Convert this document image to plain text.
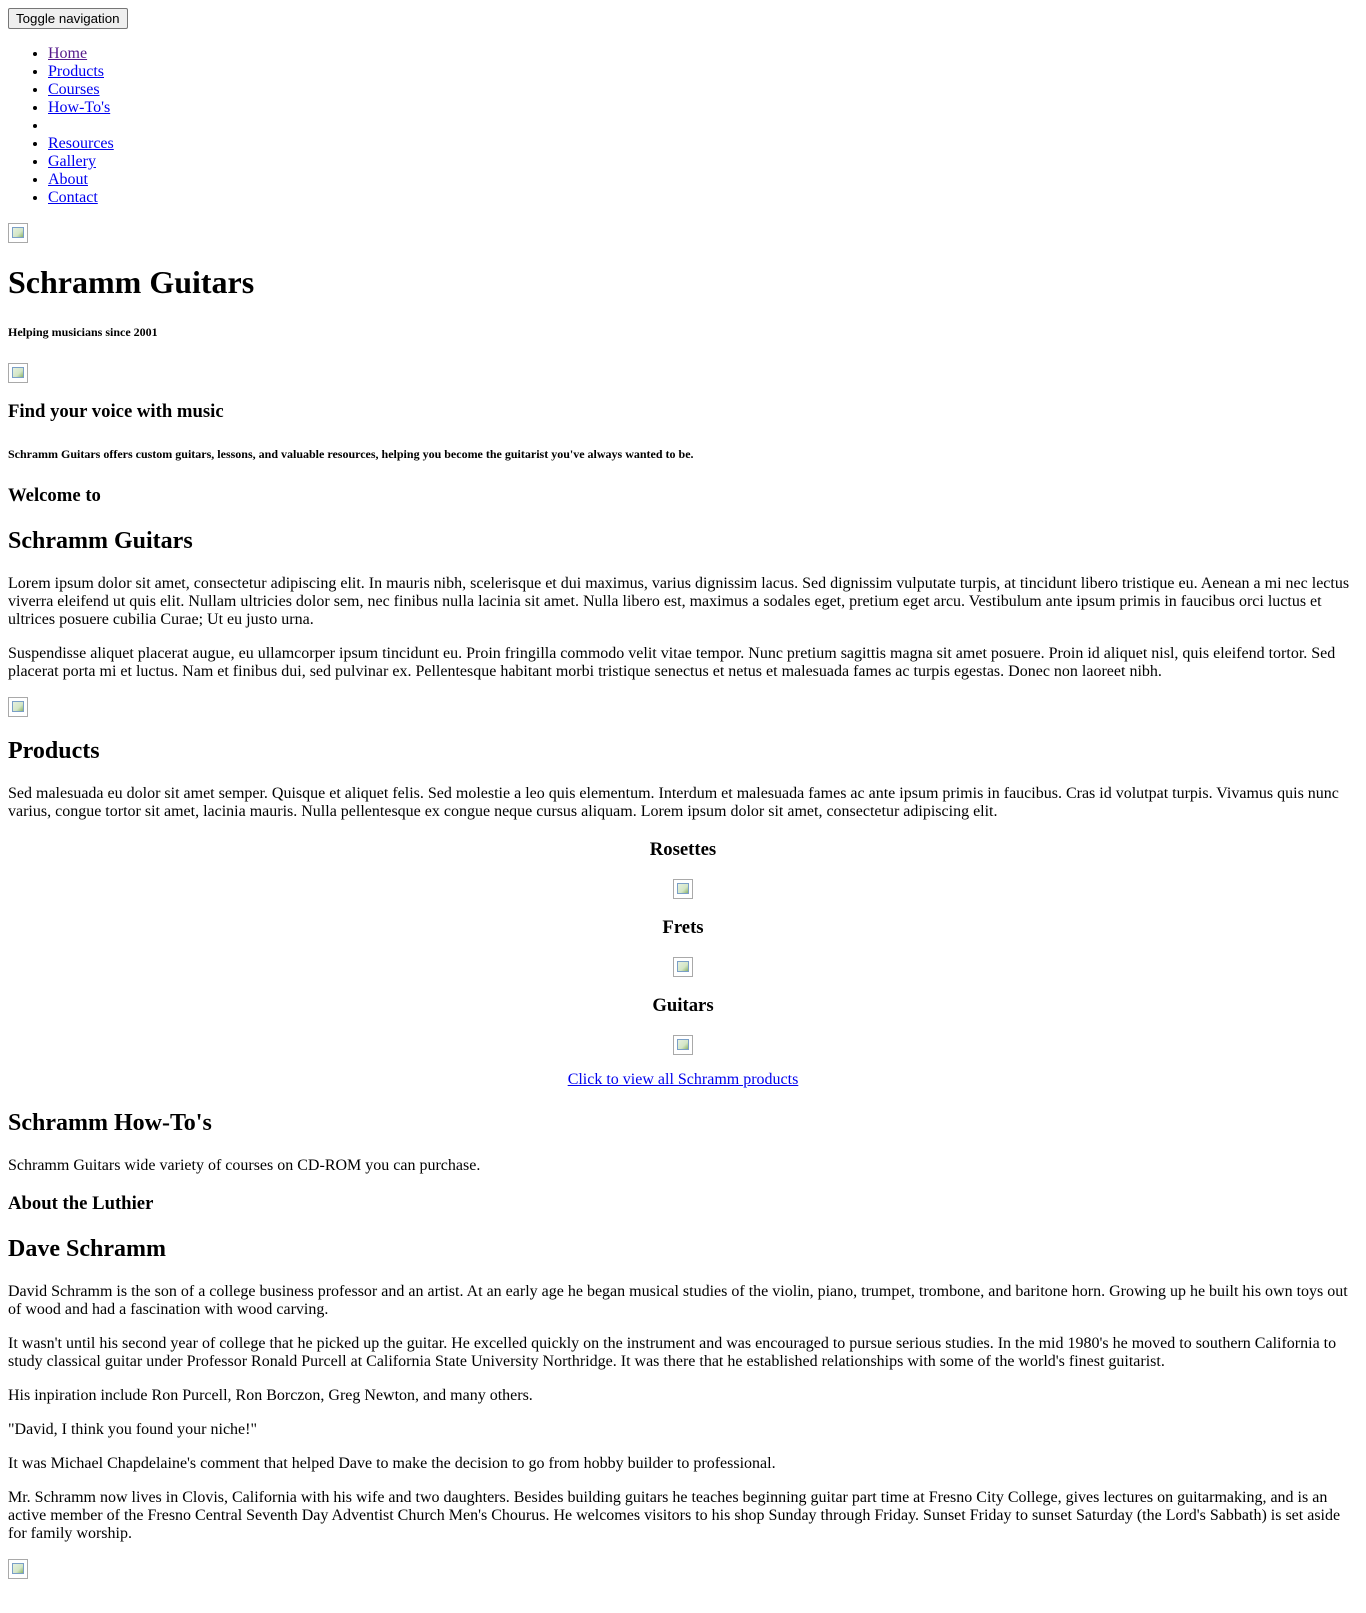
Toggle navigation
• Home
• Products
• Courses
• How-To's
•
• Resources
• Gallery
• About
• Contact
Schramm Guitars
Helping musicians since 2001
Find your voice with music
Schramm Guitars offers custom guitars, lessons, and valuable resources, helping you become the guitarist you've always wanted to be.
Welcome to
Schramm Guitars

Lorem ipsum dolor sit amet, consectetur adipiscing elit. In mauris nibh, scelerisque et dui maximus, varius dignissim lacus. Sed dignissim vulputate turpis, at tincidunt libero tristique eu. Aenean a mi nec lectus viverra eleifend ut quis elit. Nullam ultricies dolor sem, nec finibus nulla lacinia sit amet. Nulla libero est, maximus a sodales eget, pretium eget arcu. Vestibulum ante ipsum primis in faucibus orci luctus et ultrices posuere cubilia Curae; Ut eu justo urna.

Suspendisse aliquet placerat augue, eu ullamcorper ipsum tincidunt eu. Proin fringilla commodo velit vitae tempor. Nunc pretium sagittis magna sit amet posuere. Proin id aliquet nisl, quis eleifend tortor. Sed placerat porta mi et luctus. Nam et finibus dui, sed pulvinar ex. Pellentesque habitant morbi tristique senectus et netus et malesuada fames ac turpis egestas. Donec non laoreet nibh.

Products

Sed malesuada eu dolor sit amet semper. Quisque et aliquet felis. Sed molestie a leo quis elementum. Interdum et malesuada fames ac ante ipsum primis in faucibus. Cras id volutpat turpis. Vivamus quis nunc varius, congue tortor sit amet, lacinia mauris. Nulla pellentesque ex congue neque cursus aliquam. Lorem ipsum dolor sit amet, consectetur adipiscing elit.

Rosettes
Frets
Guitars

Click to view all Schramm products

Schramm How-To's

Schramm Guitars wide variety of courses on CD-ROM you can purchase.

About the Luthier
Dave Schramm

David Schramm is the son of a college business professor and an artist. At an early age he began musical studies of the violin, piano, trumpet, trombone, and baritone horn. Growing up he built his own toys out of wood and had a fascination with wood carving.

It wasn't until his second year of college that he picked up the guitar. He excelled quickly on the instrument and was encouraged to pursue serious studies. In the mid 1980's he moved to southern California to study classical guitar under Professor Ronald Purcell at California State University Northridge. It was there that he established relationships with some of the world's finest guitarist.

His inpiration include Ron Purcell, Ron Borczon, Greg Newton, and many others.

"David, I think you found your niche!"

It was Michael Chapdelaine's comment that helped Dave to make the decision to go from hobby builder to professional.

Mr. Schramm now lives in Clovis, California with his wife and two daughters. Besides building guitars he teaches beginning guitar part time at Fresno City College, gives lectures on guitarmaking, and is an active member of the Fresno Central Seventh Day Adventist Church Men's Chourus. He welcomes visitors to his shop Sunday through Friday. Sunset Friday to sunset Saturday (the Lord's Sabbath) is set aside for family worship.
